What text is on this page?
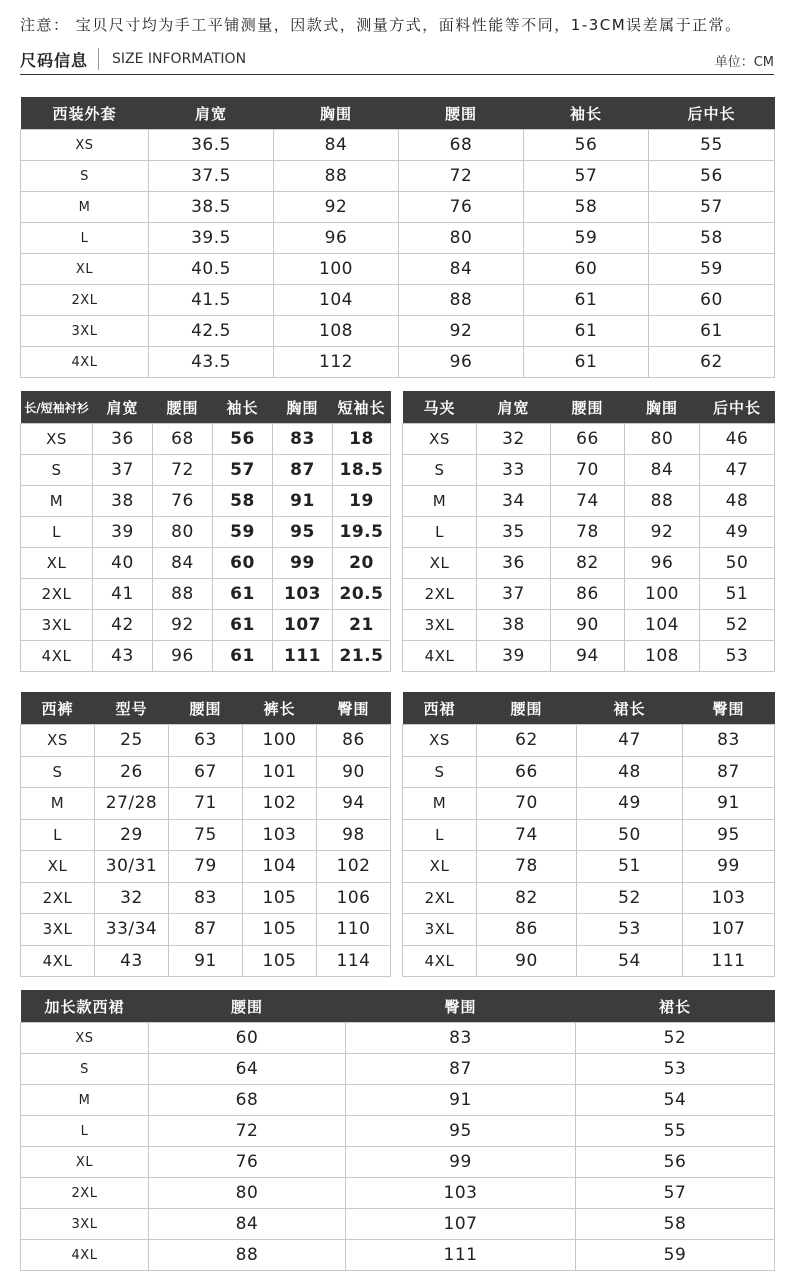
注意： 宝贝尺寸均为手工平铺测量，因款式，测量方式，面料性能等不同，1-3CM误差属于正常。
尺码信息 SIZE INFORMATION	单位：CM
西装外套	肩宽	胸围	腰围	袖长	后中长
XS	36.5	84	68	56	55
S	37.5	88	72	57	56
M	38.5	92	76	58	57
L	39.5	96	80	59	58
XL	40.5	100	84	60	59
2XL	41.5	104	88	61	60
3XL	42.5	108	92	61	61
4XL	43.5	112	96	61	62
长/短袖衬衫	肩宽	腰围	袖长	胸围	短袖长
XS	36	68	56	83	18
S	37	72	57	87	18.5
M	38	76	58	91	19
L	39	80	59	95	19.5
XL	40	84	60	99	20
2XL	41	88	61	103	20.5
3XL	42	92	61	107	21
4XL	43	96	61	111	21.5
马夹	肩宽	腰围	胸围	后中长
XS	32	66	80	46
S	33	70	84	47
M	34	74	88	48
L	35	78	92	49
XL	36	82	96	50
2XL	37	86	100	51
3XL	38	90	104	52
4XL	39	94	108	53
西裤	型号	腰围	裤长	臀围
XS	25	63	100	86
S	26	67	101	90
M	27/28	71	102	94
L	29	75	103	98
XL	30/31	79	104	102
2XL	32	83	105	106
3XL	33/34	87	105	110
4XL	43	91	105	114
西裙	腰围	裙长	臀围
XS	62	47	83
S	66	48	87
M	70	49	91
L	74	50	95
XL	78	51	99
2XL	82	52	103
3XL	86	53	107
4XL	90	54	111
加长款西裙	腰围	臀围	裙长
XS	60	83	52
S	64	87	53
M	68	91	54
L	72	95	55
XL	76	99	56
2XL	80	103	57
3XL	84	107	58
4XL	88	111	59
